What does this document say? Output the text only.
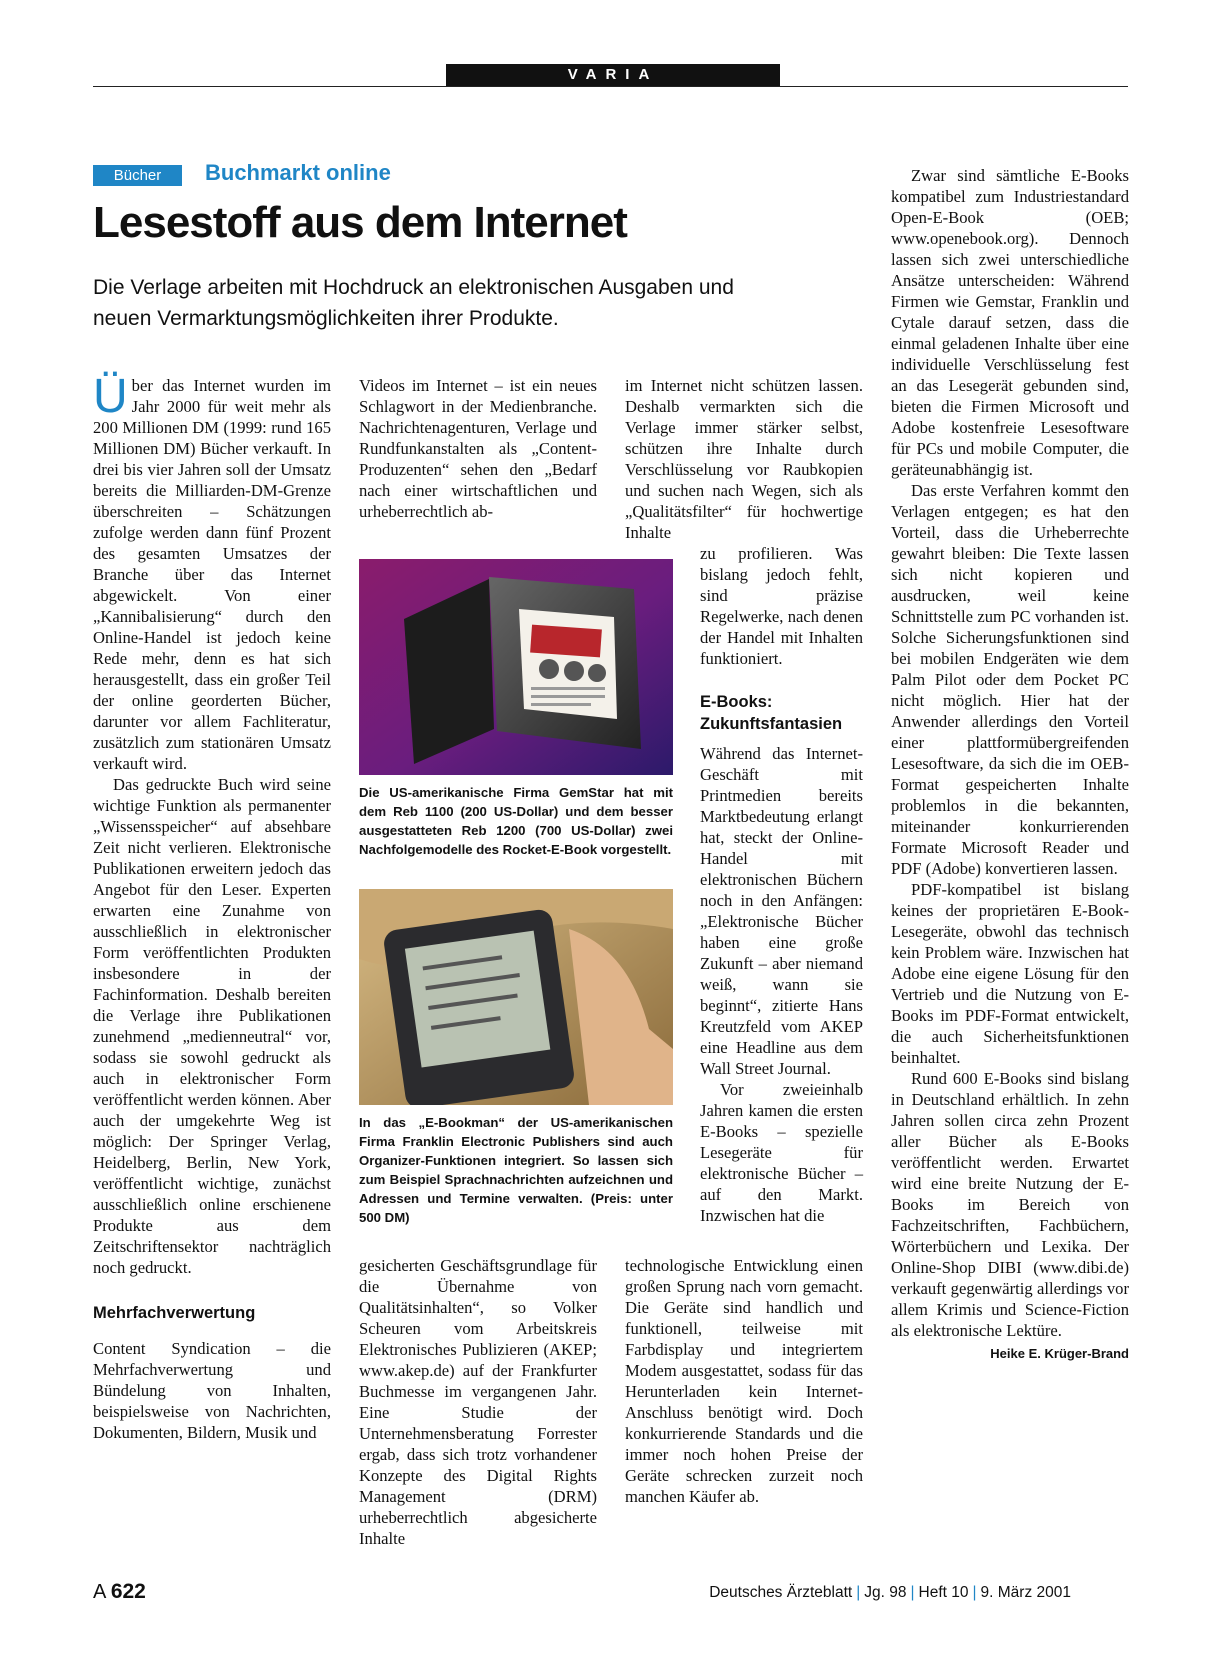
VARIA
Bücher	Buchmarkt online
Lesestoff aus dem Internet
Die Verlage arbeiten mit Hochdruck an elektronischen Ausgaben und neuen Vermarktungsmöglichkeiten ihrer Produkte.

Über das Internet wurden im Jahr 2000 für weit mehr als 200 Millionen DM (1999: rund 165 Millionen DM) Bücher verkauft. In drei bis vier Jahren soll der Umsatz bereits die Milliarden-DM-Grenze überschreiten – Schätzungen zufolge werden dann fünf Prozent des gesamten Umsatzes der Branche über das Internet abgewickelt. Von einer „Kannibalisierung“ durch den Online-Handel ist jedoch keine Rede mehr, denn es hat sich herausgestellt, dass ein großer Teil der online georderten Bücher, darunter vor allem Fachliteratur, zusätzlich zum stationären Umsatz verkauft wird.

Das gedruckte Buch wird seine wichtige Funktion als permanenter „Wissensspeicher“ auf absehbare Zeit nicht verlieren. Elektronische Publikationen erweitern jedoch das Angebot für den Leser. Experten erwarten eine Zunahme von ausschließlich in elektronischer Form veröffentlichten Produkten insbesondere in der Fachinformation. Deshalb bereiten die Verlage ihre Publikationen zunehmend „medienneutral“ vor, sodass sie sowohl gedruckt als auch in elektronischer Form veröffentlicht werden können. Aber auch der umgekehrte Weg ist möglich: Der Springer Verlag, Heidelberg, Berlin, New York, veröffentlicht wichtige, zunächst ausschließlich online erschienene Produkte aus dem Zeitschriftensektor nachträglich noch gedruckt.

Mehrfachverwertung

Content Syndication – die Mehrfachverwertung und Bündelung von Inhalten, beispielsweise von Nachrichten, Dokumenten, Bildern, Musik und

Videos im Internet – ist ein neues Schlagwort in der Medienbranche. Nachrichtenagenturen, Verlage und Rundfunkanstalten als „Content-Produzenten“ sehen den „Bedarf nach einer wirtschaftlichen und urheberrechtlich ab-

Die US-amerikanische Firma GemStar hat mit dem Reb 1100 (200 US-Dollar) und dem besser ausgestatteten Reb 1200 (700 US-Dollar) zwei Nachfolgemodelle des Rocket-E-Book vorgestellt.
In das „E-Bookman“ der US-amerikanischen Firma Franklin Electronic Publishers sind auch Organizer-Funktionen integriert. So lassen sich zum Beispiel Sprachnachrichten aufzeichnen und Adressen und Termine verwalten. (Preis: unter 500 DM)

gesicherten Geschäftsgrundlage für die Übernahme von Qualitätsinhalten“, so Volker Scheuren vom Arbeitskreis Elektronisches Publizieren (AKEP; www.akep.de) auf der Frankfurter Buchmesse im vergangenen Jahr. Eine Studie der Unternehmensberatung Forrester ergab, dass sich trotz vorhandener Konzepte des Digital Rights Management (DRM) urheberrechtlich abgesicherte Inhalte

im Internet nicht schützen lassen. Deshalb vermarkten sich die Verlage immer stärker selbst, schützen ihre Inhalte durch Verschlüsselung vor Raubkopien und suchen nach Wegen, sich als „Qualitätsfilter“ für hochwertige Inhalte

zu profilieren. Was bislang jedoch fehlt, sind präzise Regelwerke, nach denen der Handel mit Inhalten funktioniert.

E-Books: Zukunftsfantasien

Während das Internet-Geschäft mit Printmedien bereits Marktbedeutung erlangt hat, steckt der Online-Handel mit elektronischen Büchern noch in den Anfängen: „Elektronische Bücher haben eine große Zukunft – aber niemand weiß, wann sie beginnt“, zitierte Hans Kreutzfeld vom AKEP eine Headline aus dem Wall Street Journal.

Vor zweieinhalb Jahren kamen die ersten E-Books – spezielle Lesegeräte für elektronische Bücher – auf den Markt. Inzwischen hat die

technologische Entwicklung einen großen Sprung nach vorn gemacht. Die Geräte sind handlich und funktionell, teilweise mit Farbdisplay und integriertem Modem ausgestattet, sodass für das Herunterladen kein Internet-Anschluss benötigt wird. Doch konkurrierende Standards und die immer noch hohen Preise der Geräte schrecken zurzeit noch manchen Käufer ab.

Zwar sind sämtliche E-Books kompatibel zum Industriestandard Open-E-Book (OEB; www.openebook.org). Dennoch lassen sich zwei unterschiedliche Ansätze unterscheiden: Während Firmen wie Gemstar, Franklin und Cytale darauf setzen, dass die einmal geladenen Inhalte über eine individuelle Verschlüsselung fest an das Lesegerät gebunden sind, bieten die Firmen Microsoft und Adobe kostenfreie Lesesoftware für PCs und mobile Computer, die geräteunabhängig ist.

Das erste Verfahren kommt den Verlagen entgegen; es hat den Vorteil, dass die Urheberrechte gewahrt bleiben: Die Texte lassen sich nicht kopieren und ausdrucken, weil keine Schnittstelle zum PC vorhanden ist. Solche Sicherungsfunktionen sind bei mobilen Endgeräten wie dem Palm Pilot oder dem Pocket PC nicht möglich. Hier hat der Anwender allerdings den Vorteil einer plattformübergreifenden Lesesoftware, da sich die im OEB-Format gespeicherten Inhalte problemlos in die bekannten, miteinander konkurrierenden Formate Microsoft Reader und PDF (Adobe) konvertieren lassen.

PDF-kompatibel ist bislang keines der proprietären E-Book-Lesegeräte, obwohl das technisch kein Problem wäre. Inzwischen hat Adobe eine eigene Lösung für den Vertrieb und die Nutzung von E-Books im PDF-Format entwickelt, die auch Sicherheitsfunktionen beinhaltet.

Rund 600 E-Books sind bislang in Deutschland erhältlich. In zehn Jahren sollen circa zehn Prozent aller Bücher als E-Books veröffentlicht werden. Erwartet wird eine breite Nutzung der E-Books im Bereich von Fachzeitschriften, Fachbüchern, Wörterbüchern und Lexika. Der Online-Shop DIBI (www.dibi.de) verkauft gegenwärtig allerdings vor allem Krimis und Science-Fiction als elektronische Lektüre.
Heike E. Krüger-Brand

A 622	Deutsches Ärzteblatt | Jg. 98 | Heft 10 | 9. März 2001
